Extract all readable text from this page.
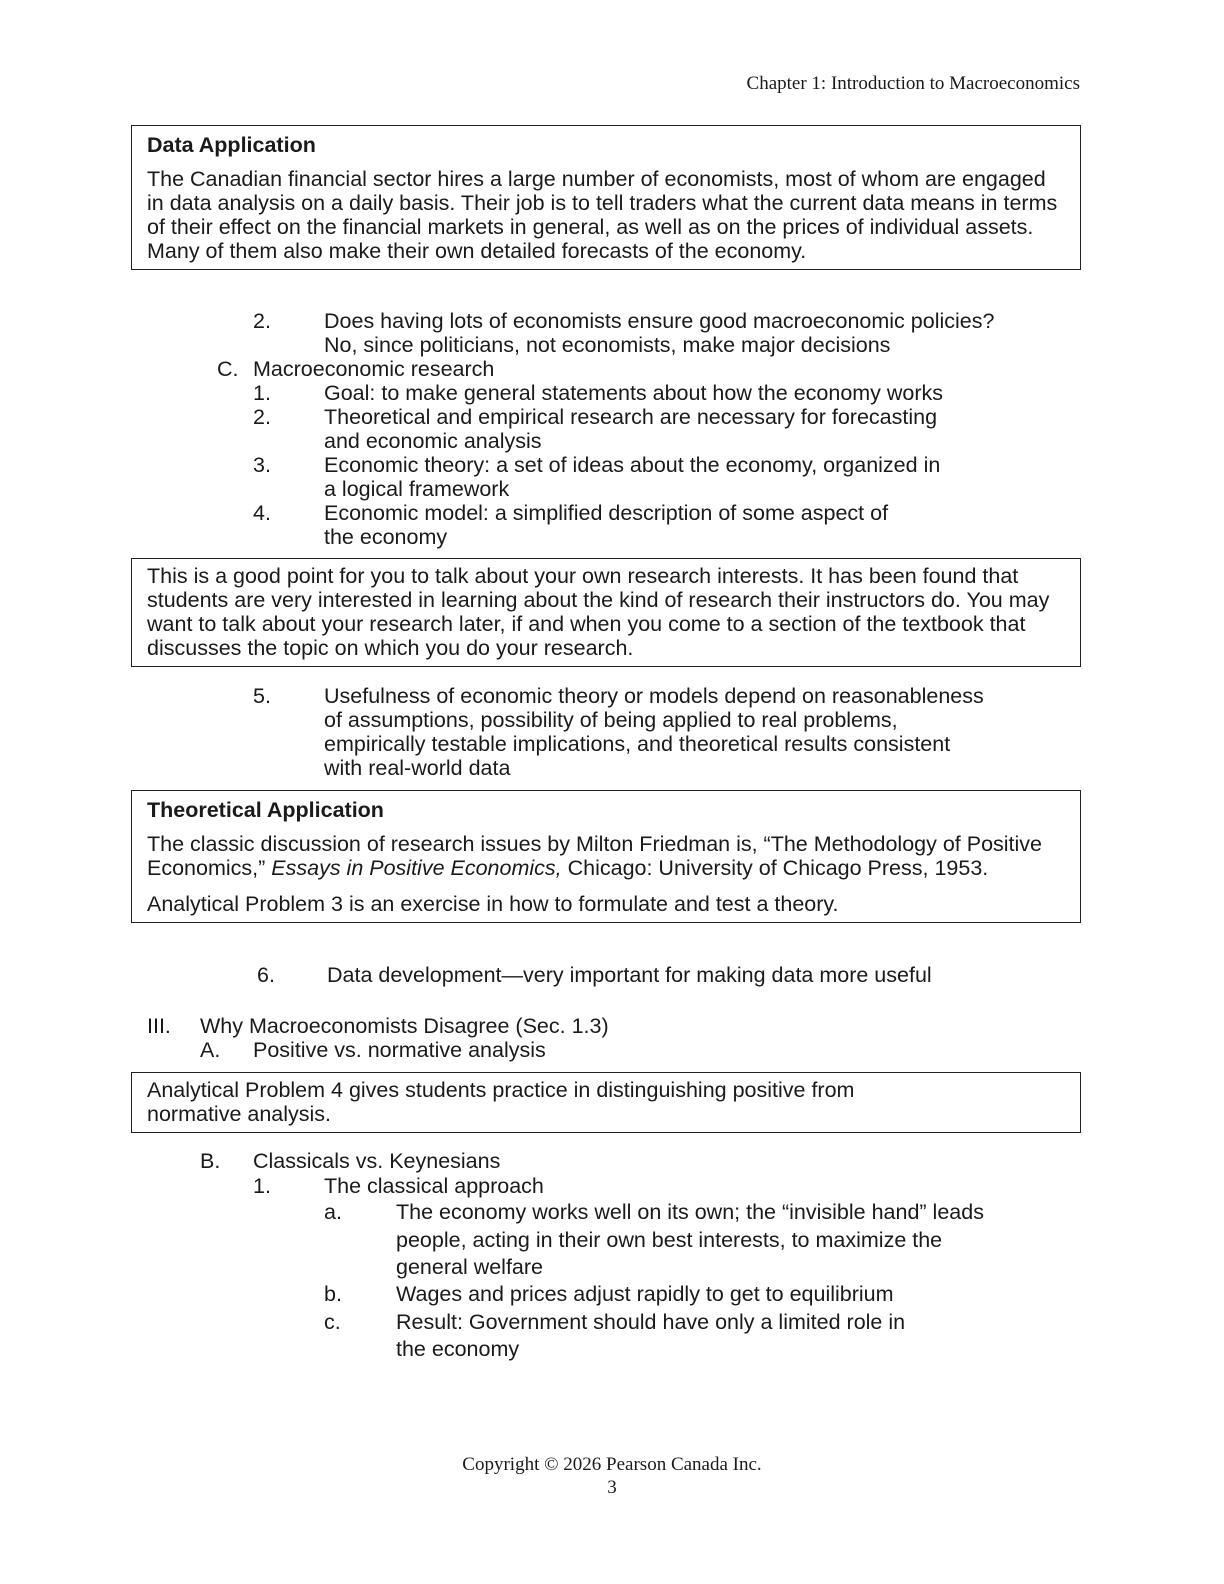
Chapter 1: Introduction to Macroeconomics

Data Application

The Canadian financial sector hires a large number of economists, most of whom are engaged in data analysis on a daily basis. Their job is to tell traders what the current data means in terms of their effect on the financial markets in general, as well as on the prices of individual assets. Many of them also make their own detailed forecasts of the economy.

2. Does having lots of economists ensure good macroeconomic policies?
No, since politicians, not economists, make major decisions
C. Macroeconomic research
1. Goal: to make general statements about how the economy works
2. Theoretical and empirical research are necessary for forecasting
and economic analysis
3. Economic theory: a set of ideas about the economy, organized in
a logical framework
4. Economic model: a simplified description of some aspect of
the economy

This is a good point for you to talk about your own research interests. It has been found that students are very interested in learning about the kind of research their instructors do. You may want to talk about your research later, if and when you come to a section of the textbook that discusses the topic on which you do your research.

5. Usefulness of economic theory or models depend on reasonableness
of assumptions, possibility of being applied to real problems,
empirically testable implications, and theoretical results consistent
with real-world data

Theoretical Application

The classic discussion of research issues by Milton Friedman is, “The Methodology of Positive Economics,” Essays in Positive Economics, Chicago: University of Chicago Press, 1953.

Analytical Problem 3 is an exercise in how to formulate and test a theory.

6. Data development—very important for making data more useful
III. Why Macroeconomists Disagree (Sec. 1.3)
A. Positive vs. normative analysis

Analytical Problem 4 gives students practice in distinguishing positive from normative analysis.

B. Classicals vs. Keynesians
1. The classical approach
a.	The economy works well on its own; the “invisible hand” leads
people, acting in their own best interests, to maximize the
general welfare
b.	Wages and prices adjust rapidly to get to equilibrium
c.	Result: Government should have only a limited role in
the economy
Copyright © 2026 Pearson Canada Inc.
3
